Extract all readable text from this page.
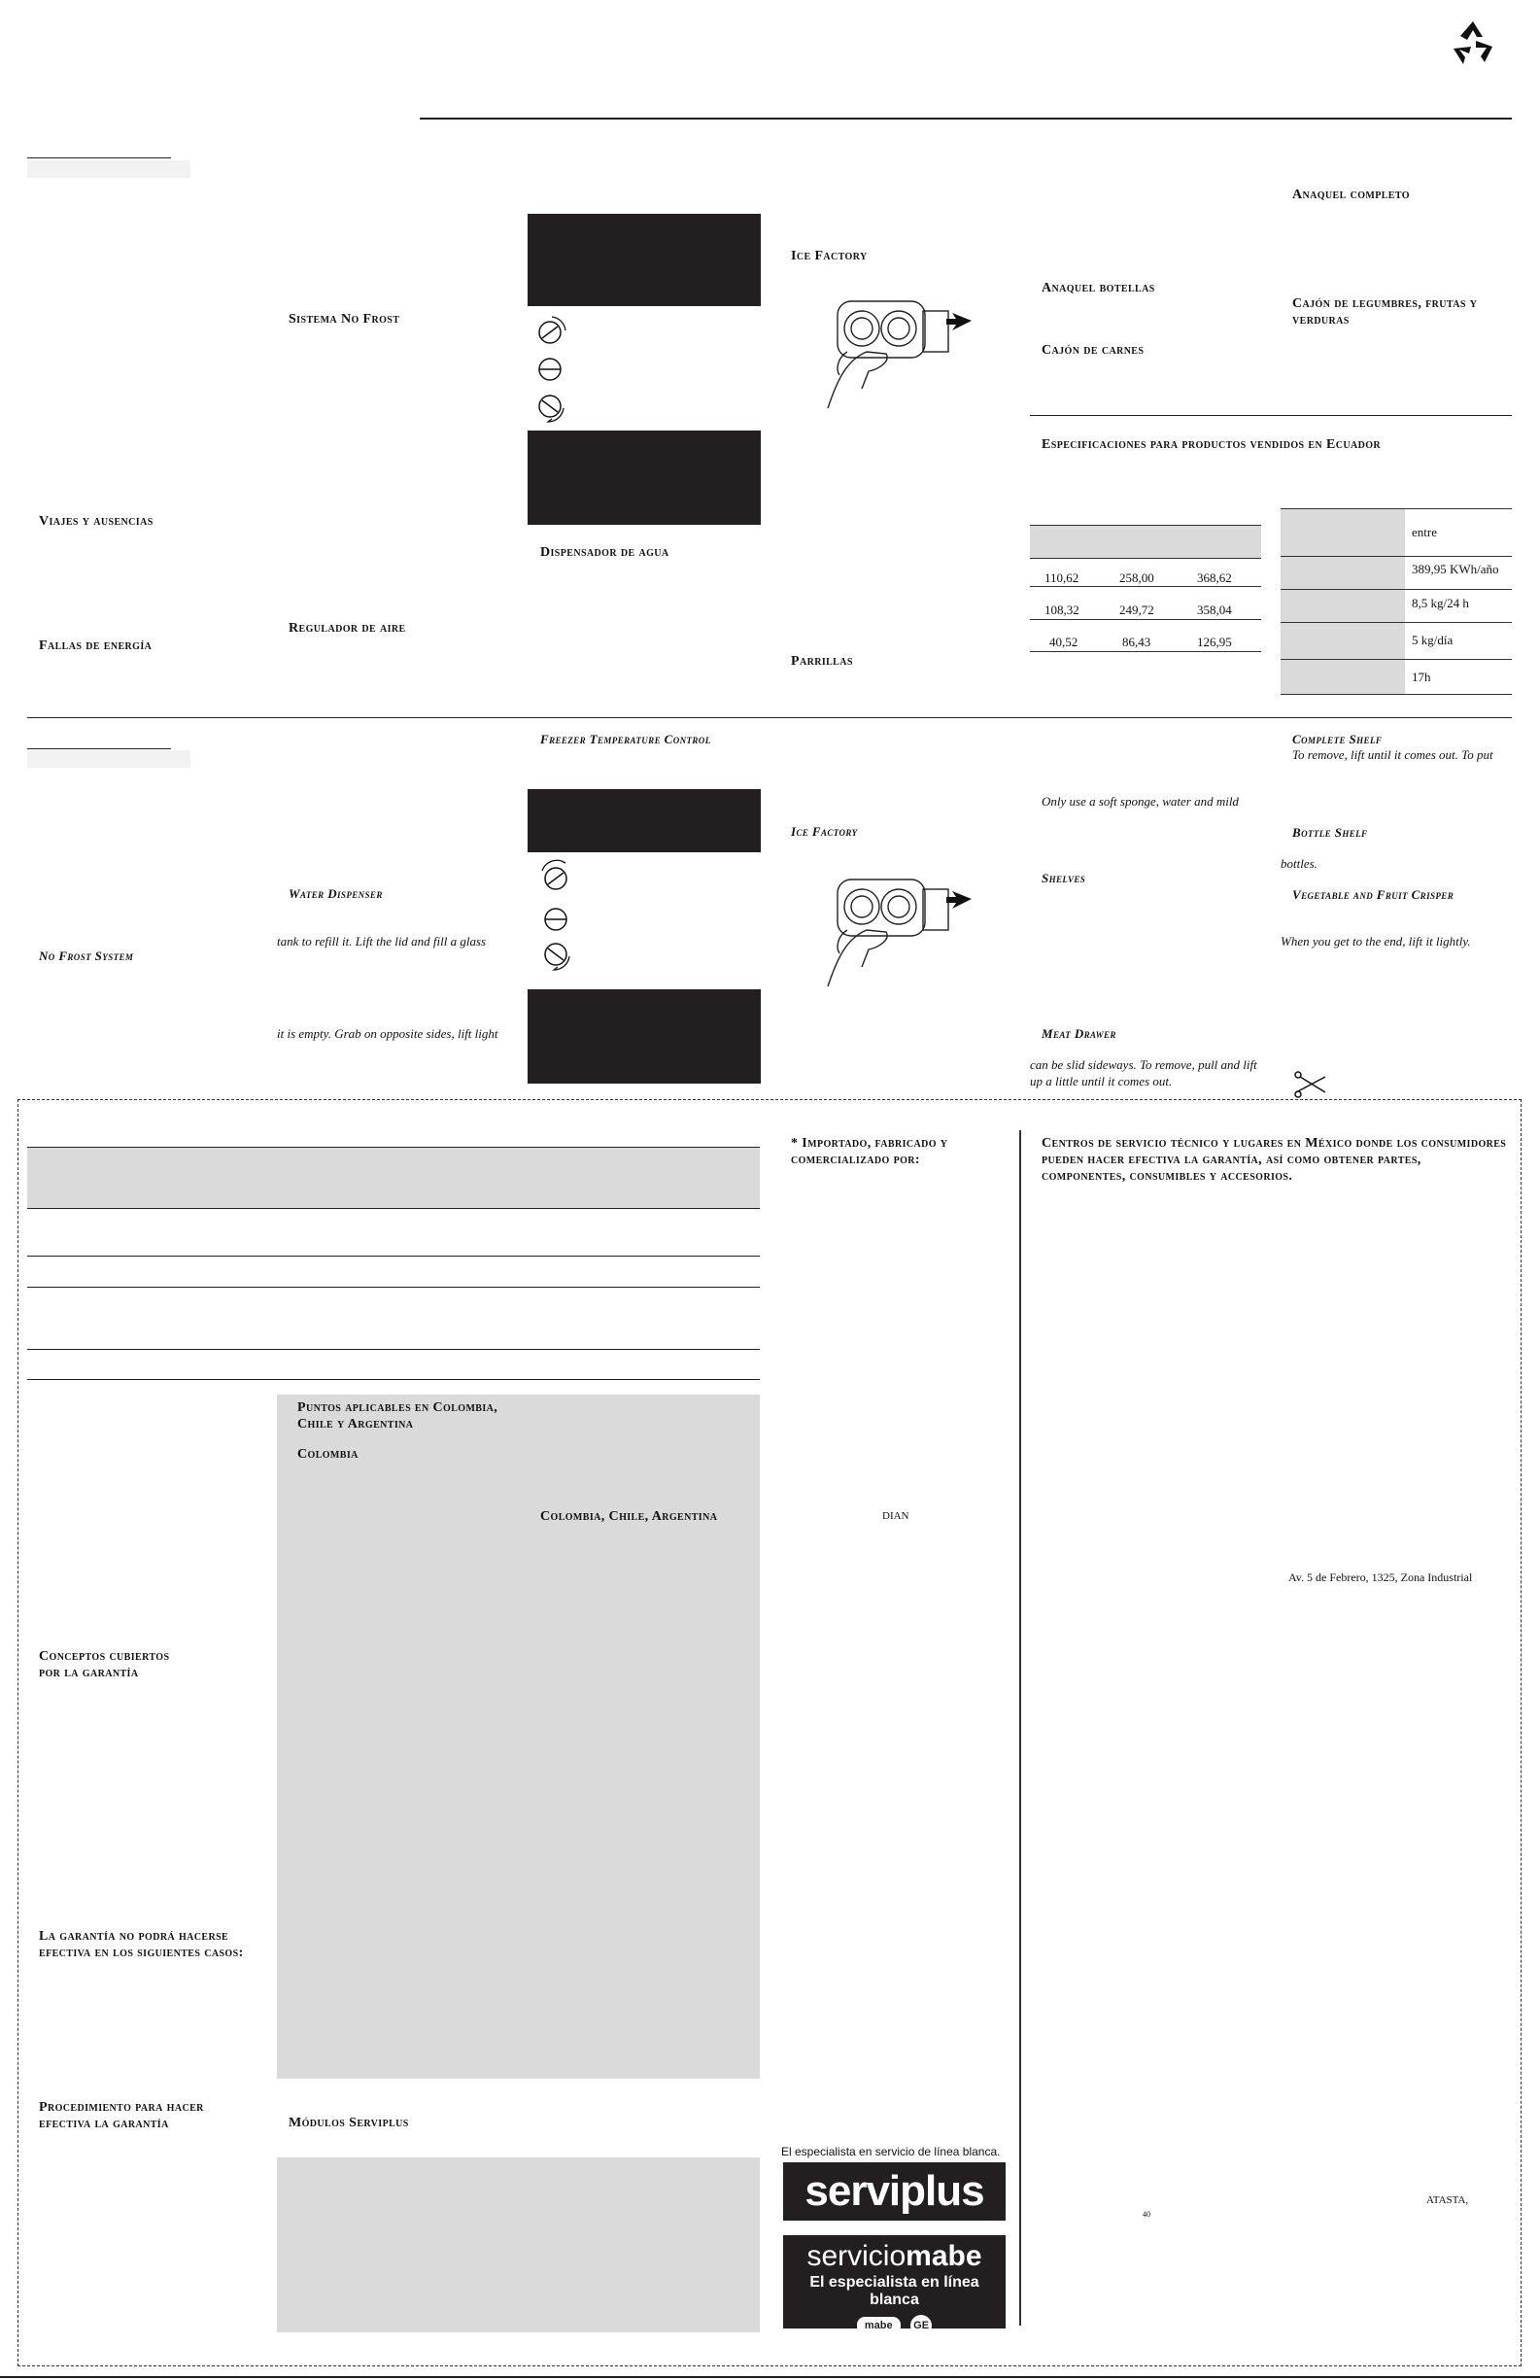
Viajes y ausencias
Fallas de energía
Sistema No Frost
Regulador de aire
Dispensador de agua
Ice Factory
Parrillas
Anaquel botellas
Cajón de carnes
Anaquel completo
Cajón de legumbres, frutas y verduras
Especificaciones para productos vendidos en Ecuador
110,62	258,00	368,62
108,32	249,72	358,04
40,52	86,43	126,95
entre
389,95 KWh/año
8,5 kg/24 h
5 kg/día
17h
No Frost System
Water Dispenser
tank to refill it. Lift the lid and fill a glass
it is empty. Grab on opposite sides, lift light
Freezer Temperature Control
Ice Factory
Only use a soft sponge, water and mild
Shelves
Meat Drawer
can be slid sideways. To remove, pull and lift
up a little until it comes out.
Complete Shelf
To remove, lift until it comes out. To put
Bottle Shelf
bottles.
Vegetable and Fruit Crisper
When you get to the end, lift it lightly.
Puntos aplicables en Colombia, Chile y Argentina
Colombia
Colombia, Chile, Argentina
Conceptos cubiertos por la garantía
La garantía no podrá hacerse efectiva en los siguientes casos:
Procedimiento para hacer efectiva la garantía	Módulos Serviplus
* Importado, fabricado y comercializado por:
DIAN
El especialista en servicio de línea blanca.
serviplus
serviciomabe
El especialista en línea blanca
mabe GE
Centros de servicio técnico y lugares en México donde los consumidores pueden hacer efectiva la garantía, así como obtener partes, componentes, consumibles y accesorios.
Av. 5 de Febrero, 1325, Zona Industrial
40
ATASTA,
